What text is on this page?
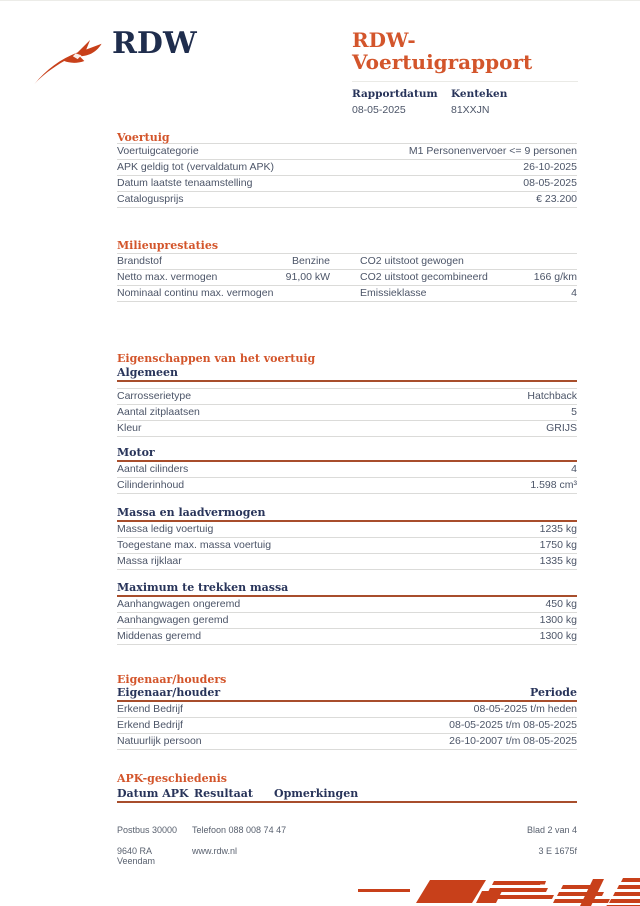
RDW	RDW-Voertuigrapport
Rapportdatum
08-05-2025
Kenteken
81XXJN
Voertuig
Voertuigcategorie	M1 Personenvervoer <= 9 personen
APK geldig tot (vervaldatum APK)	26-10-2025
Datum laatste tenaamstelling	08-05-2025
Catalogusprijs	€ 23.200
Milieuprestaties
Brandstof	Benzine	CO2 uitstoot gewogen
Netto max. vermogen	91,00 kW	CO2 uitstoot gecombineerd	166 g/km
Nominaal continu max. vermogen	Emissieklasse	4
Eigenschappen van het voertuig
Algemeen
Carrosserietype	Hatchback
Aantal zitplaatsen	5
Kleur	GRIJS
Motor
Aantal cilinders	4
Cilinderinhoud	1.598 cm³
Massa en laadvermogen
Massa ledig voertuig	1235 kg
Toegestane max. massa voertuig	1750 kg
Massa rijklaar	1335 kg
Maximum te trekken massa
Aanhangwagen ongeremd	450 kg
Aanhangwagen geremd	1300 kg
Middenas geremd	1300 kg
Eigenaar/houders
Eigenaar/houder	Periode
Erkend Bedrijf	08-05-2025 t/m heden
Erkend Bedrijf	08-05-2025 t/m 08-05-2025
Natuurlijk persoon	26-10-2007 t/m 08-05-2025
APK-geschiedenis
Datum APK Resultaat	Opmerkingen
Postbus 30000	Telefoon 088 008 74 47	Blad 2 van 4
9640 RA Veendam
www.rdw.nl	3 E 1675f
